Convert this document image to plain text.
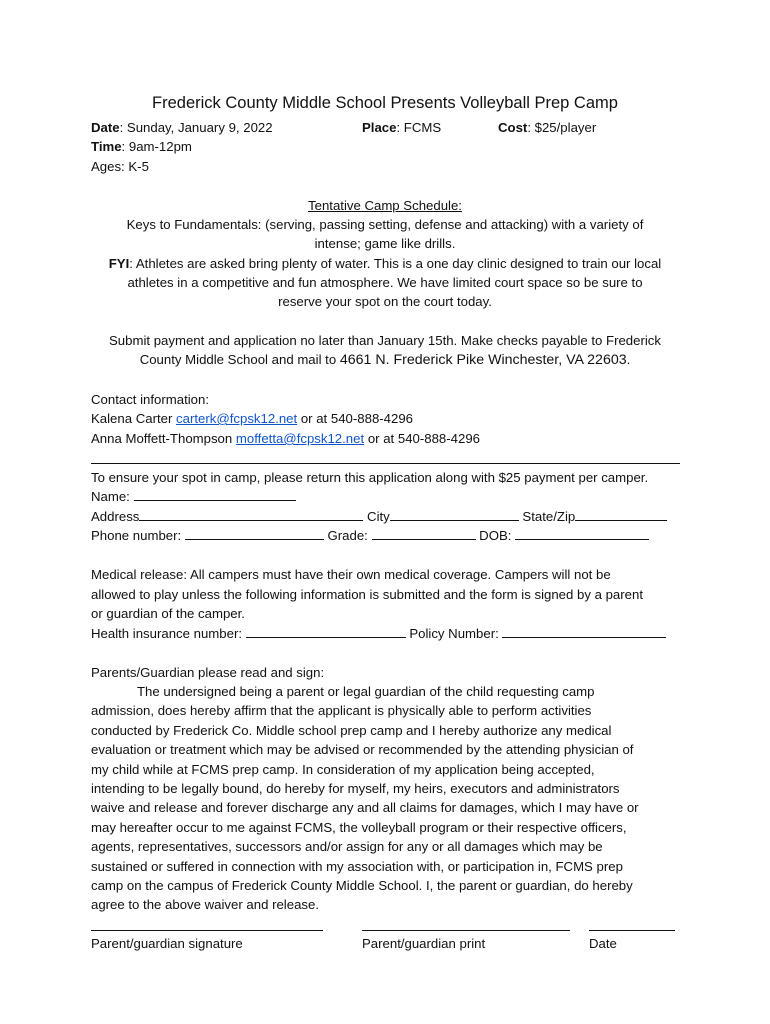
Frederick County Middle School Presents Volleyball Prep Camp
Date: Sunday, January 9, 2022	Place: FCMS	Cost: $25/player
Time: 9am-12pm
Ages: K-5
Tentative Camp Schedule:
Keys to Fundamentals: (serving, passing setting, defense and attacking) with a variety of
intense; game like drills.
FYI: Athletes are asked bring plenty of water. This is a one day clinic designed to train our local
athletes in a competitive and fun atmosphere. We have limited court space so be sure to
reserve your spot on the court today.
Submit payment and application no later than January 15th. Make checks payable to Frederick
County Middle School and mail to 4661 N. Frederick Pike Winchester, VA 22603.
Contact information:
Kalena Carter carterk@fcpsk12.net or at 540-888-4296
Anna Moffett-Thompson moffetta@fcpsk12.net or at 540-888-4296
To ensure your spot in camp, please return this application along with $25 payment per camper.
Name:
Address	City	State/Zip
Phone number:	Grade:	DOB:
Medical release: All campers must have their own medical coverage. Campers will not be
allowed to play unless the following information is submitted and the form is signed by a parent
or guardian of the camper.
Health insurance number:	Policy Number:
Parents/Guardian please read and sign:
The undersigned being a parent or legal guardian of the child requesting camp
admission, does hereby affirm that the applicant is physically able to perform activities
conducted by Frederick Co. Middle school prep camp and I hereby authorize any medical
evaluation or treatment which may be advised or recommended by the attending physician of
my child while at FCMS prep camp. In consideration of my application being accepted,
intending to be legally bound, do hereby for myself, my heirs, executors and administrators
waive and release and forever discharge any and all claims for damages, which I may have or
may hereafter occur to me against FCMS, the volleyball program or their respective officers,
agents, representatives, successors and/or assign for any or all damages which may be
sustained or suffered in connection with my association with, or participation in, FCMS prep
camp on the campus of Frederick County Middle School. I, the parent or guardian, do hereby
agree to the above waiver and release.
Parent/guardian signature	Parent/guardian print	Date
